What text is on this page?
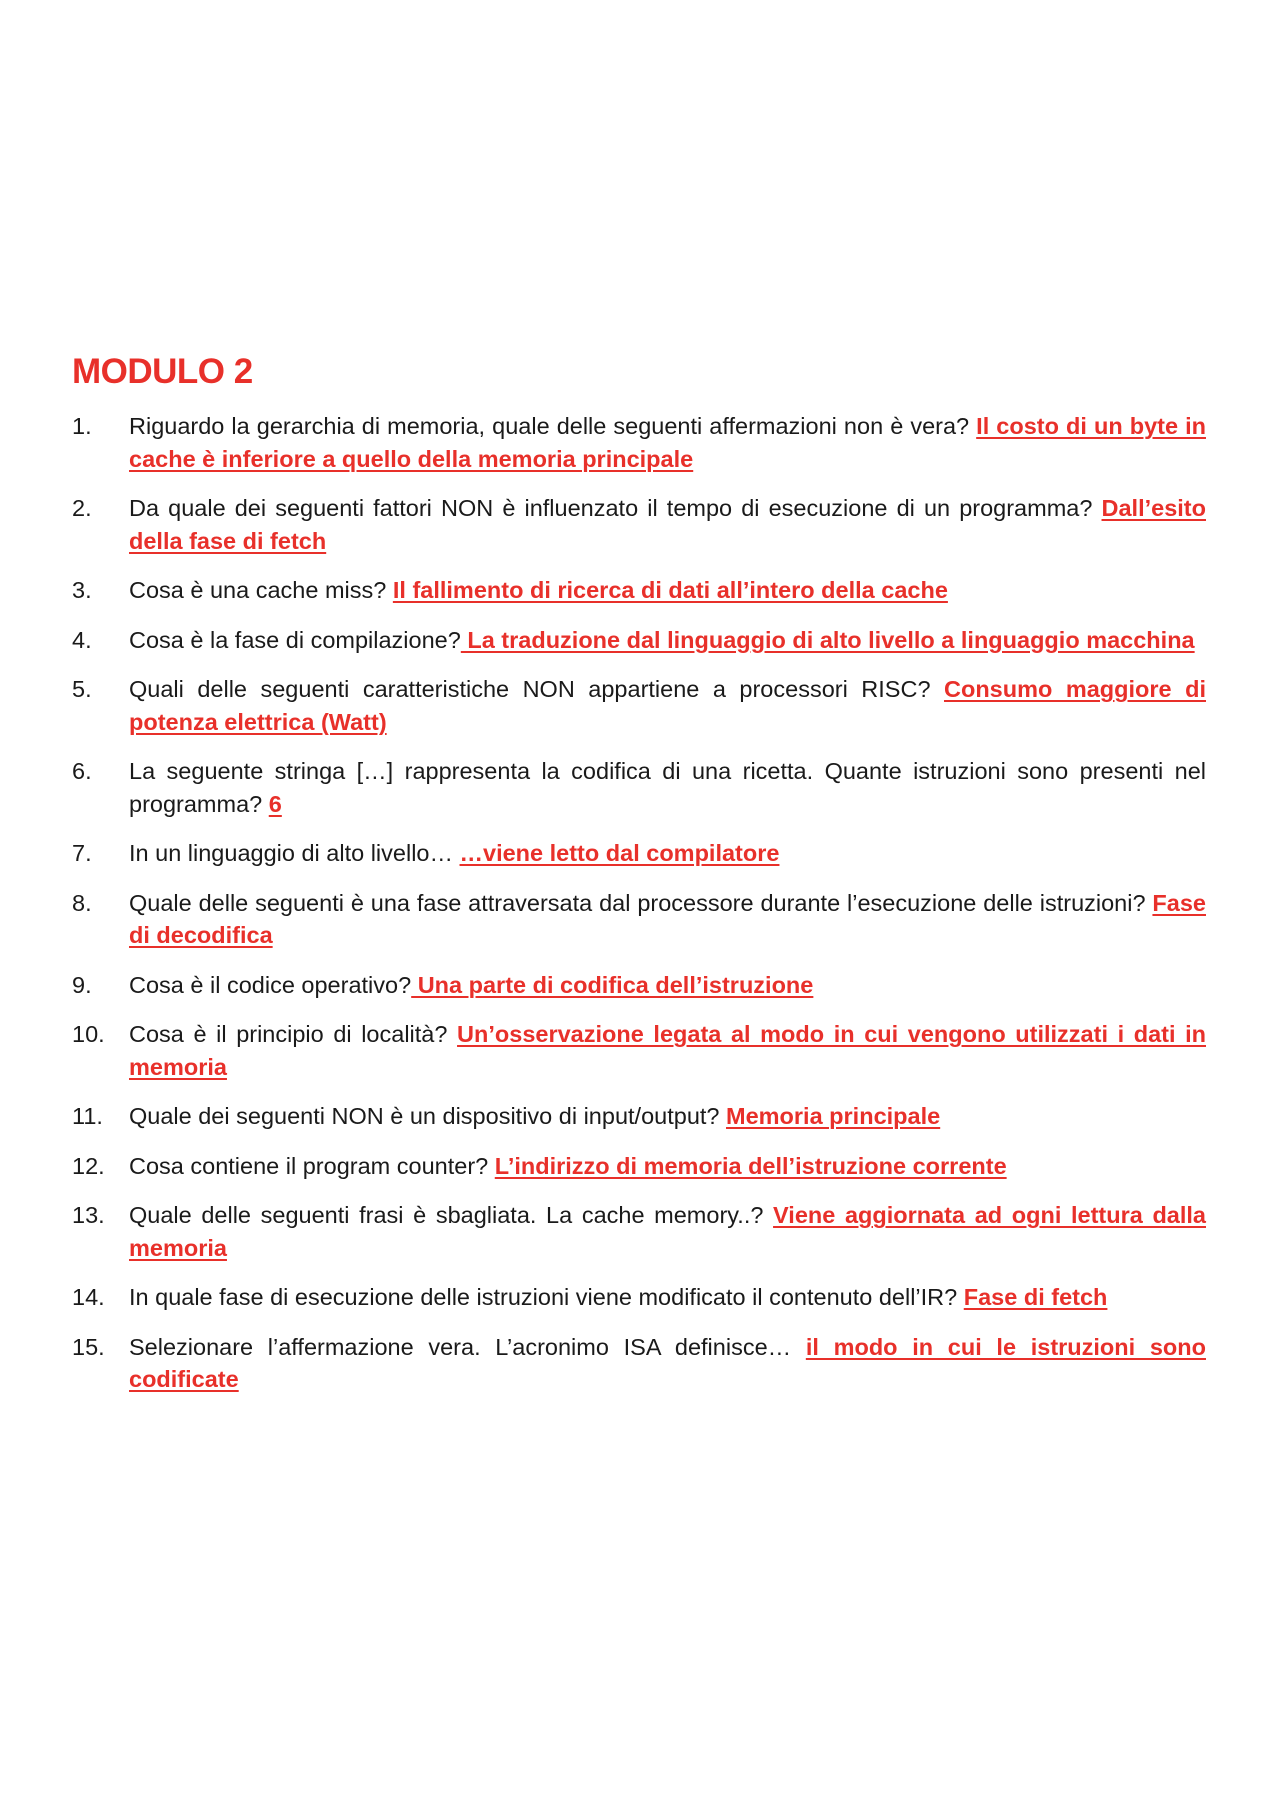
MODULO 2
1.	Riguardo la gerarchia di memoria, quale delle seguenti affermazioni non è vera? Il costo di un byte in cache è inferiore a quello della memoria principale
2.	Da quale dei seguenti fattori NON è influenzato il tempo di esecuzione di un programma? Dall’esito della fase di fetch
3.	Cosa è una cache miss? Il fallimento di ricerca di dati all’intero della cache
4.	Cosa è la fase di compilazione? La traduzione dal linguaggio di alto livello a linguaggio macchina
5.	Quali delle seguenti caratteristiche NON appartiene a processori RISC? Consumo maggiore di potenza elettrica (Watt)
6.	La seguente stringa […] rappresenta la codifica di una ricetta. Quante istruzioni sono presenti nel programma? 6
7.	In un linguaggio di alto livello… …viene letto dal compilatore
8.	Quale delle seguenti è una fase attraversata dal processore durante l’esecuzione delle istruzioni? Fase di decodifica
9.	Cosa è il codice operativo? Una parte di codifica dell’istruzione
10.	Cosa è il principio di località? Un’osservazione legata al modo in cui vengono utilizzati i dati in memoria
11.	Quale dei seguenti NON è un dispositivo di input/output? Memoria principale
12.	Cosa contiene il program counter? L’indirizzo di memoria dell’istruzione corrente
13.	Quale delle seguenti frasi è sbagliata. La cache memory..? Viene aggiornata ad ogni lettura dalla memoria
14.	In quale fase di esecuzione delle istruzioni viene modificato il contenuto dell’IR? Fase di fetch
15.	Selezionare l’affermazione vera. L’acronimo ISA definisce… il modo in cui le istruzioni sono codificate
